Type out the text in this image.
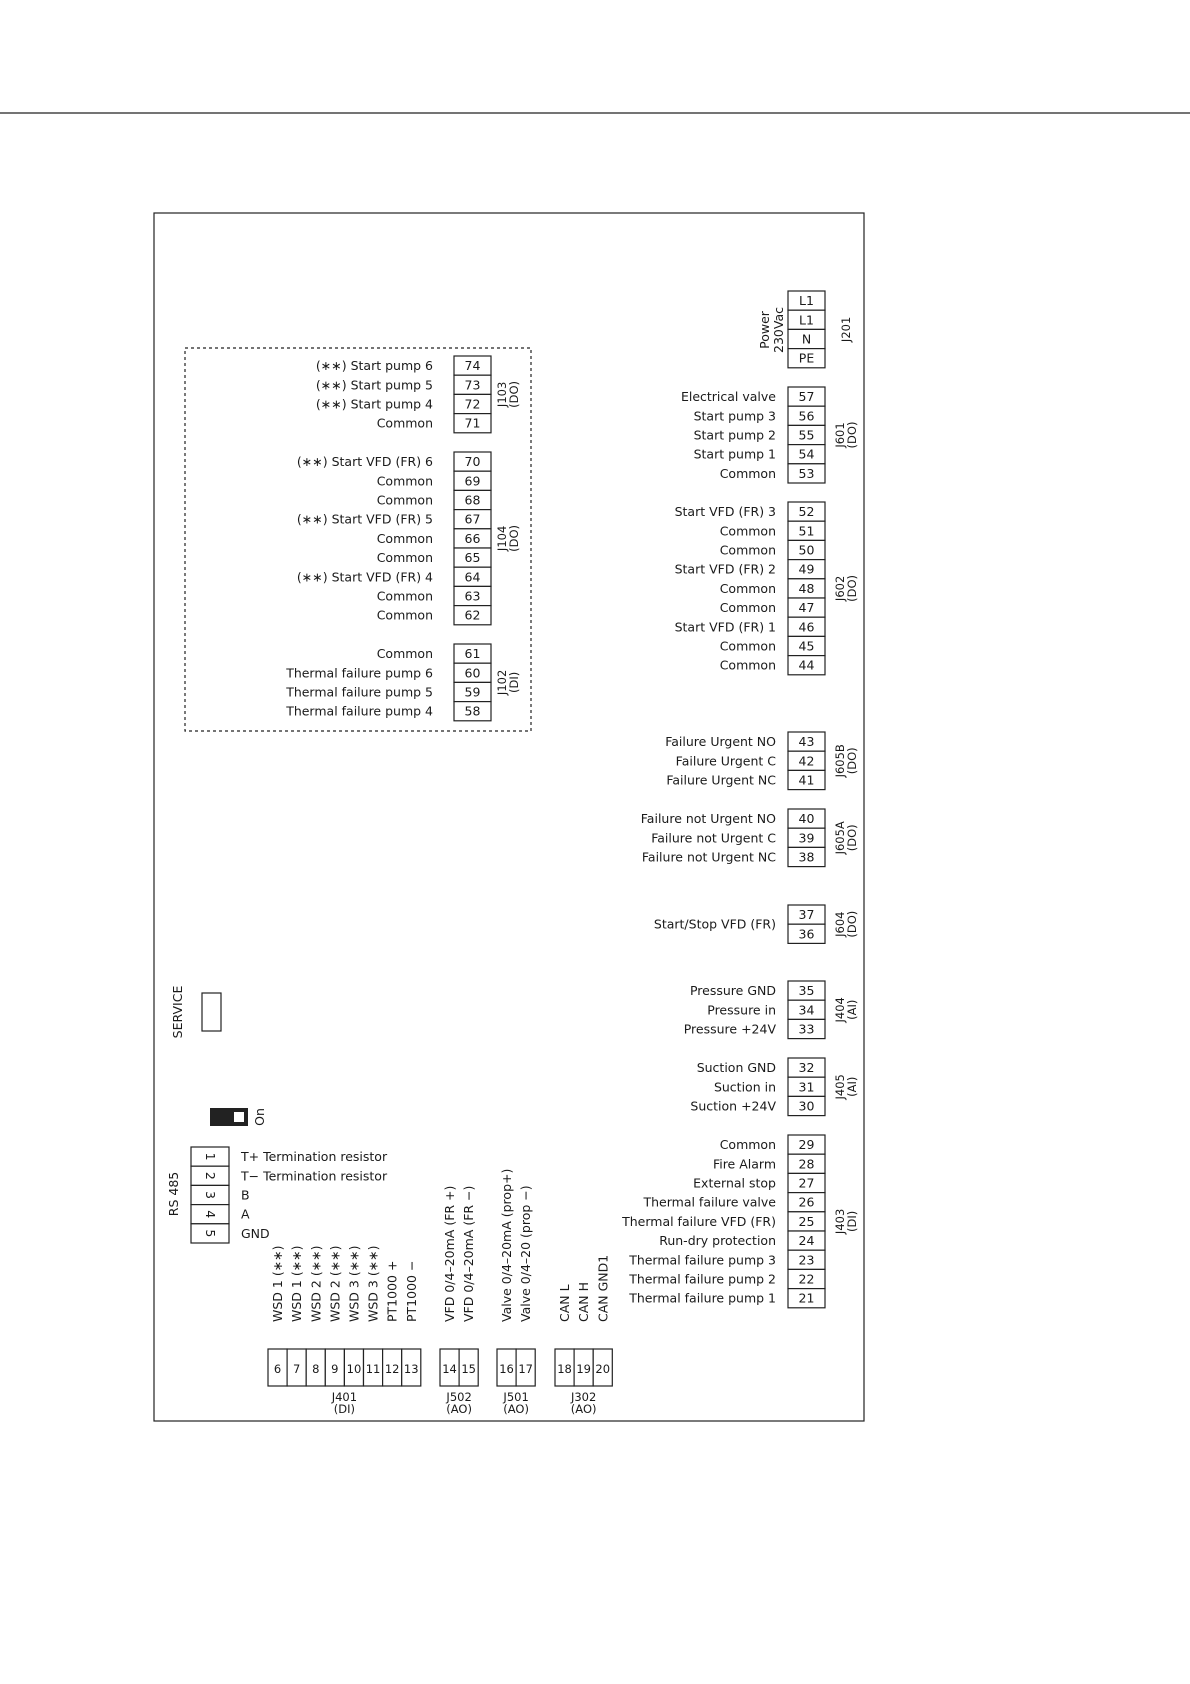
Power 230Vac
L1
L1
N
PE
J201
57
Electrical valve
56
Start pump 3
55
Start pump 2
54
Start pump 1
53
Common
J601
(DO)
52
Start VFD (FR) 3
51
Common
50
Common
49
Start VFD (FR) 2
48
Common
47
Common
46
Start VFD (FR) 1
45
Common
44
Common
J602
(DO)
43
Failure Urgent NO
42
Failure Urgent C
41
Failure Urgent NC
J605B
(DO)
40
Failure not Urgent NO
39
Failure not Urgent C
38
Failure not Urgent NC
J605A
(DO)
37
36
Start/Stop VFD (FR)	J604
(DO)
35
Pressure GND
34
Pressure in
33
Pressure +24V
J404
(AI)
32
Suction GND
31
Suction in
30
Suction +24V
J405
(AI)
29
Common
28
Fire Alarm
27
External stop
26
Thermal failure valve
25
Thermal failure VFD (FR)
24
Run-dry protection
23
Thermal failure pump 3
22
Thermal failure pump 2
21
Thermal failure pump 1
J403
(DI)
74
(∗∗) Start pump 6
73
(∗∗) Start pump 5
72
(∗∗) Start pump 4
71
Common
J103
(DO)
70
(∗∗) Start VFD (FR) 6
69
Common
68
Common
67
(∗∗) Start VFD (FR) 5
66
Common
65
Common
64
(∗∗) Start VFD (FR) 4
63
Common
62
Common
J104
(DO)
61
Common
60
Thermal failure pump 6
59
Thermal failure pump 5
58
Thermal failure pump 4
J102
(DI)
6
WSD 1 (∗∗)
7
WSD 1 (∗∗)
8
WSD 2 (∗∗)
9
WSD 2 (∗∗)
10
WSD 3 (∗∗)
11
WSD 3 (∗∗)
12
PT1000 +
13
PT1000 −
J401
(DI)
14
VFD 0/4–20mA (FR +)
15
VFD 0/4–20mA (FR −)
J502
(AO)
16
Valve 0/4–20mA (prop+)
17
Valve 0/4–20 (prop −)
J501
(AO)
18
CAN L
19
CAN H
20
CAN GND1
J302
(AO)
SERVICE
On
RS 485
1 T+ Termination resistor
2 T− Termination resistor
3 B
4 A
5 GND
